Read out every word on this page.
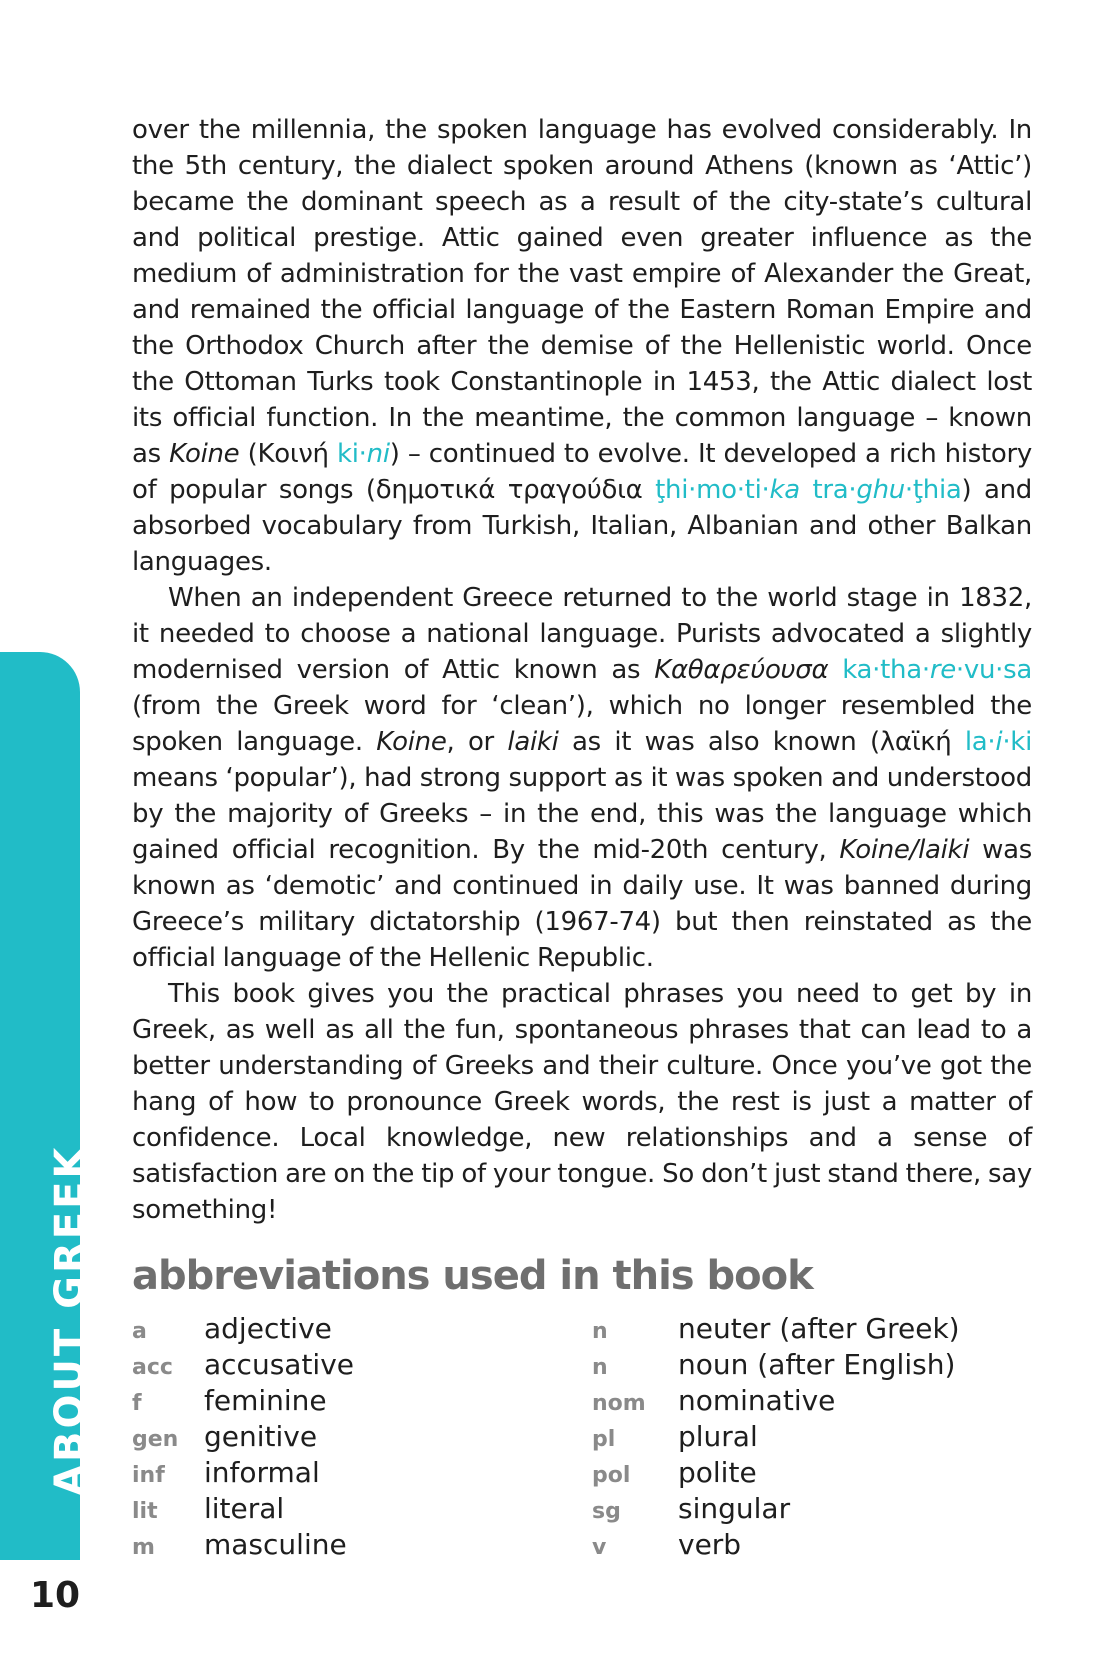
ABOUT GREEK
10

over the millennia, the spoken language has evolved considerably. In the 5th century, the dialect spoken around Athens (known as ‘Attic’) became the dominant speech as a result of the city-state’s cultural and political prestige. Attic gained even greater influence as the medium of administration for the vast empire of Alexander the Great, and remained the official language of the Eastern Roman Empire and the Orthodox Church after the demise of the Hellenistic world. Once the Ottoman Turks took Constantinople in 1453, the Attic dialect lost its official function. In the meantime, the common language – known as Koine (Κοινή ki·ni) – continued to evolve. It developed a rich history of popular songs (δημοτικά τραγούδια ţhi·mo·ti·ka tra·ghu·ţhia) and absorbed vocabulary from Turkish, Italian, Albanian and other Balkan languages.

When an independent Greece returned to the world stage in 1832, it needed to choose a national language. Purists advocated a slightly modernised version of Attic known as Καθαρεύουσα ka·tha·re·vu·sa (from the Greek word for ‘clean’), which no longer resembled the spoken language. Koine, or laiki as it was also known (λαϊκή la·i·ki means ‘popular’), had strong support as it was spoken and understood by the majority of Greeks – in the end, this was the language which gained official recognition. By the mid-20th century, Koine/laiki was known as ‘demotic’ and continued in daily use. It was banned during Greece’s military dictatorship (1967-74) but then reinstated as the official language of the Hellenic Republic.

This book gives you the practical phrases you need to get by in Greek, as well as all the fun, spontaneous phrases that can lead to a better understanding of Greeks and their culture. Once you’ve got the hang of how to pronounce Greek words, the rest is just a matter of confidence. Local knowledge, new relationships and a sense of satisfaction are on the tip of your tongue. So don’t just stand there, say something!

abbreviations used in this book
a	adjective
acc	accusative
f	feminine
gen genitive
inf	informal
lit	literal
m	masculine
n	neuter (after Greek)
n	noun (after English)
nom	nominative
pl	plural
pol	polite
sg	singular
v	verb
